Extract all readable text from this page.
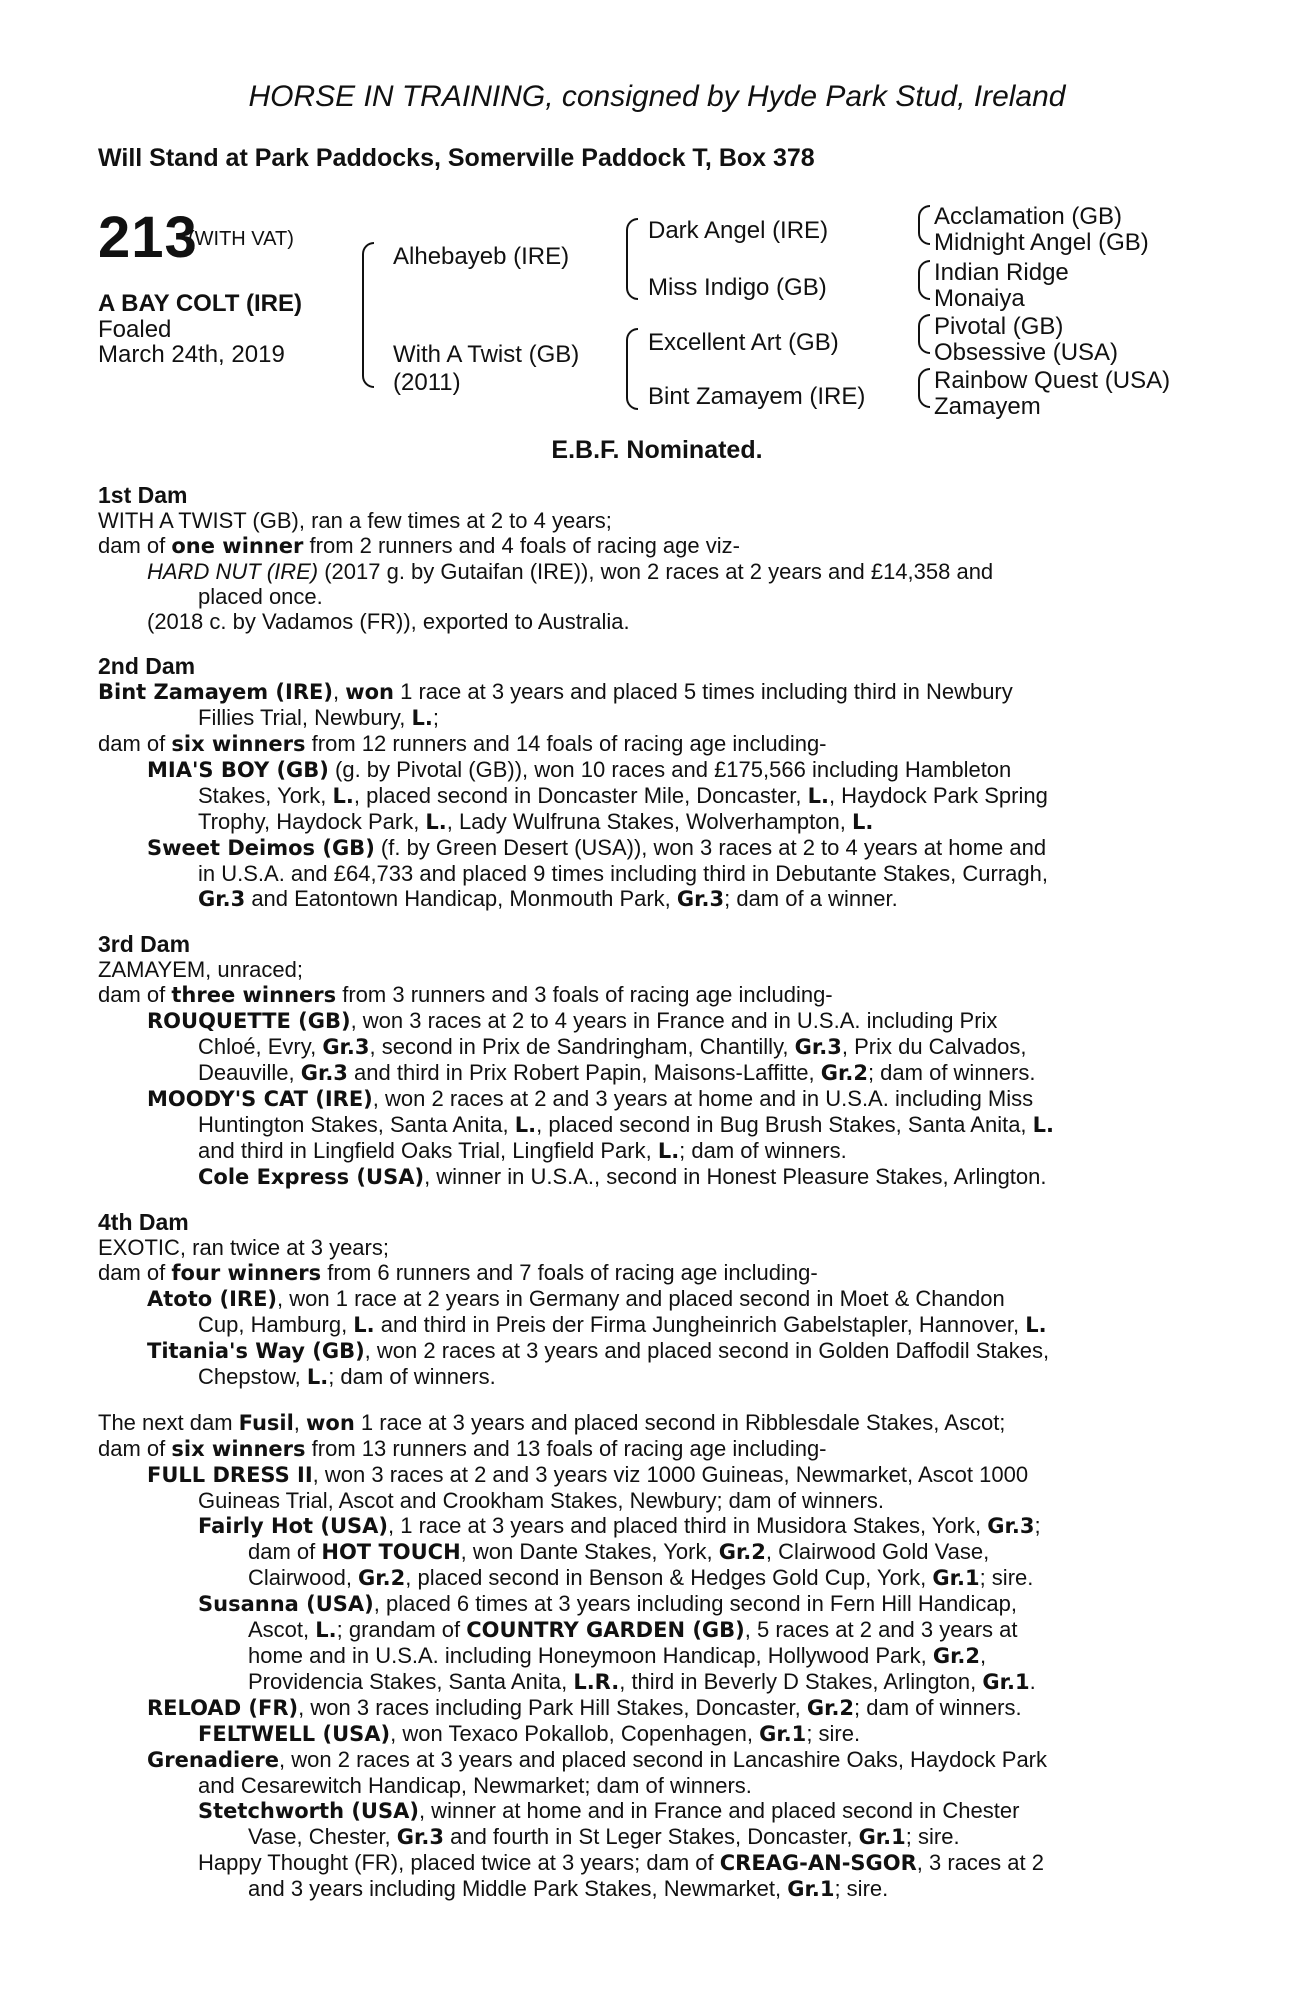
HORSE IN TRAINING, consigned by Hyde Park Stud, Ireland
Will Stand at Park Paddocks, Somerville Paddock T, Box 378
213
(WITH VAT)
A BAY COLT (IRE)
Foaled
March 24th, 2019
Alhebayeb (IRE)
With A Twist (GB)
(2011)
Dark Angel (IRE)
Miss Indigo (GB)
Excellent Art (GB)
Bint Zamayem (IRE)
Acclamation (GB)
Midnight Angel (GB)
Indian Ridge
Monaiya
Pivotal (GB)
Obsessive (USA)
Rainbow Quest (USA)
Zamayem
E.B.F. Nominated.
1st Dam
WITH A TWIST (GB), ran a few times at 2 to 4 years;
dam of one winner from 2 runners and 4 foals of racing age viz-
HARD NUT (IRE) (2017 g. by Gutaifan (IRE)), won 2 races at 2 years and £14,358 and
placed once.
(2018 c. by Vadamos (FR)), exported to Australia.
2nd Dam
Bint Zamayem (IRE), won 1 race at 3 years and placed 5 times including third in Newbury
Fillies Trial, Newbury, L.;
dam of six winners from 12 runners and 14 foals of racing age including-
MIA'S BOY (GB) (g. by Pivotal (GB)), won 10 races and £175,566 including Hambleton
Stakes, York, L., placed second in Doncaster Mile, Doncaster, L., Haydock Park Spring
Trophy, Haydock Park, L., Lady Wulfruna Stakes, Wolverhampton, L.
Sweet Deimos (GB) (f. by Green Desert (USA)), won 3 races at 2 to 4 years at home and
in U.S.A. and £64,733 and placed 9 times including third in Debutante Stakes, Curragh,
Gr.3 and Eatontown Handicap, Monmouth Park, Gr.3; dam of a winner.
3rd Dam
ZAMAYEM, unraced;
dam of three winners from 3 runners and 3 foals of racing age including-
ROUQUETTE (GB), won 3 races at 2 to 4 years in France and in U.S.A. including Prix
Chloé, Evry, Gr.3, second in Prix de Sandringham, Chantilly, Gr.3, Prix du Calvados,
Deauville, Gr.3 and third in Prix Robert Papin, Maisons-Laffitte, Gr.2; dam of winners.
MOODY'S CAT (IRE), won 2 races at 2 and 3 years at home and in U.S.A. including Miss
Huntington Stakes, Santa Anita, L., placed second in Bug Brush Stakes, Santa Anita, L.
and third in Lingfield Oaks Trial, Lingfield Park, L.; dam of winners.
Cole Express (USA), winner in U.S.A., second in Honest Pleasure Stakes, Arlington.
4th Dam
EXOTIC, ran twice at 3 years;
dam of four winners from 6 runners and 7 foals of racing age including-
Atoto (IRE), won 1 race at 2 years in Germany and placed second in Moet & Chandon
Cup, Hamburg, L. and third in Preis der Firma Jungheinrich Gabelstapler, Hannover, L.
Titania's Way (GB), won 2 races at 3 years and placed second in Golden Daffodil Stakes,
Chepstow, L.; dam of winners.
The next dam Fusil, won 1 race at 3 years and placed second in Ribblesdale Stakes, Ascot;
dam of six winners from 13 runners and 13 foals of racing age including-
FULL DRESS II, won 3 races at 2 and 3 years viz 1000 Guineas, Newmarket, Ascot 1000
Guineas Trial, Ascot and Crookham Stakes, Newbury; dam of winners.
Fairly Hot (USA), 1 race at 3 years and placed third in Musidora Stakes, York, Gr.3;
dam of HOT TOUCH, won Dante Stakes, York, Gr.2, Clairwood Gold Vase,
Clairwood, Gr.2, placed second in Benson & Hedges Gold Cup, York, Gr.1; sire.
Susanna (USA), placed 6 times at 3 years including second in Fern Hill Handicap,
Ascot, L.; grandam of COUNTRY GARDEN (GB), 5 races at 2 and 3 years at
home and in U.S.A. including Honeymoon Handicap, Hollywood Park, Gr.2,
Providencia Stakes, Santa Anita, L.R., third in Beverly D Stakes, Arlington, Gr.1.
RELOAD (FR), won 3 races including Park Hill Stakes, Doncaster, Gr.2; dam of winners.
FELTWELL (USA), won Texaco Pokallob, Copenhagen, Gr.1; sire.
Grenadiere, won 2 races at 3 years and placed second in Lancashire Oaks, Haydock Park
and Cesarewitch Handicap, Newmarket; dam of winners.
Stetchworth (USA), winner at home and in France and placed second in Chester
Vase, Chester, Gr.3 and fourth in St Leger Stakes, Doncaster, Gr.1; sire.
Happy Thought (FR), placed twice at 3 years; dam of CREAG-AN-SGOR, 3 races at 2
and 3 years including Middle Park Stakes, Newmarket, Gr.1; sire.
